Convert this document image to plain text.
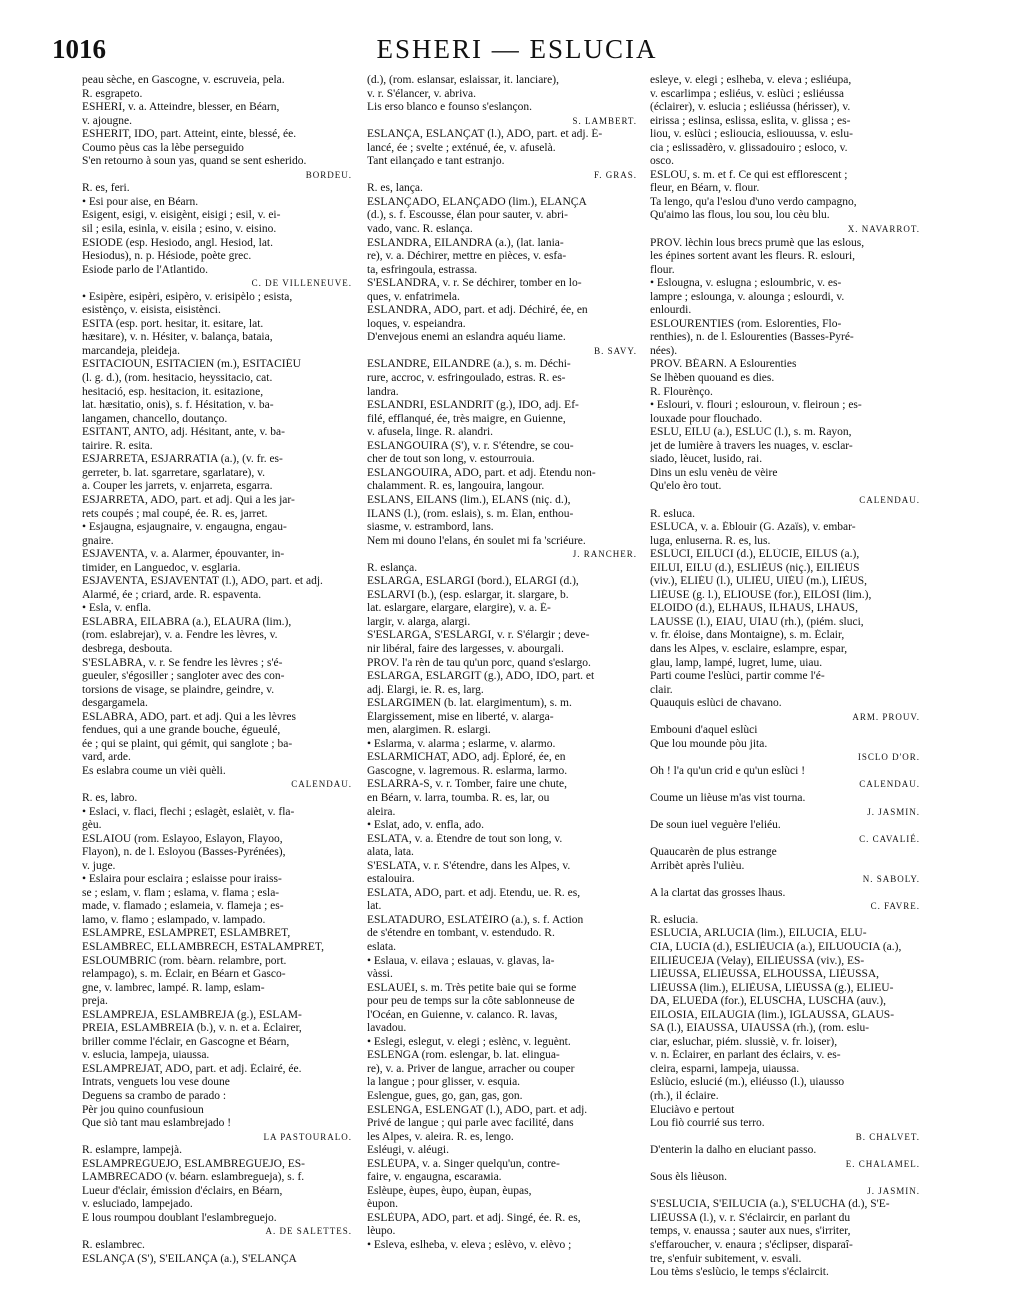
1016	ESHERI — ESLUCIA
peau sèche, en Gascogne, v. escruveia, pela.
R. esgrapeto.
ESHERI, v. a. Atteindre, blesser, en Béarn,
v. ajougne.
ESHERIT, IDO, part. Atteint, einte, blessé, ée.
Coumo pèus cas la lèbe perseguido
S'en retourno à soun yas, quand se sent esherido.
BORDEU.
R. es, feri.
• Esi pour aise, en Béarn.
Esigent, esigi, v. eisigènt, eisigi ; esil, v. ei-
sil ; esila, esinla, v. eisila ; esino, v. eisino.
ESIODE (esp. Hesiodo, angl. Hesiod, lat.
Hesiodus), n. p. Hésiode, poète grec.
Esiode parlo de l'Atlantido.
C. DE VILLENEUVE.
• Esipère, esipèri, esipèro, v. erisipèlo ; esista,
esistènço, v. eisista, eisistènci.
ESITA (esp. port. hesitar, it. esitare, lat.
hæsitare), v. n. Hésiter, v. balança, bataia,
marcandeja, pleideja.
ESITACIOUN, ESITACIEN (m.), ESITACIÉU
(l. g. d.), (rom. hesitacio, heyssitacio, cat.
hesitació, esp. hesitacion, it. esitazione,
lat. hæsitatio, onis), s. f. Hésitation, v. ba-
langamen, chancello, doutanço.
ESITANT, ANTO, adj. Hésitant, ante, v. ba-
tairire. R. esita.
ESJARRETA, ESJARRATIA (a.), (v. fr. es-
gerreter, b. lat. sgarretare, sgarlatare), v.
a. Couper les jarrets, v. enjarreta, esgarra.
ESJARRETA, ADO, part. et adj. Qui a les jar-
rets coupés ; mal coupé, ée. R. es, jarret.
• Esjaugna, esjaugnaire, v. engaugna, engau-
gnaire.
ESJAVENTA, v. a. Alarmer, épouvanter, in-
timider, en Languedoc, v. esglaria.
ESJAVENTA, ESJAVENTAT (l.), ADO, part. et adj.
Alarmé, ée ; criard, arde. R. espaventa.
• Esla, v. enfla.
ESLABRA, EILABRA (a.), ELAURA (lim.),
(rom. eslabrejar), v. a. Fendre les lèvres, v.
desbrega, desbouta.
S'ESLABRA, v. r. Se fendre les lèvres ; s'é-
gueuler, s'égosiller ; sangloter avec des con-
torsions de visage, se plaindre, geindre, v.
desgargamela.
ESLABRA, ADO, part. et adj. Qui a les lèvres
fendues, qui a une grande bouche, égueulé,
ée ; qui se plaint, qui gémit, qui sanglote ; ba-
vard, arde.
Es eslabra coume un vièi quèli.
CALENDAU.
R. es, labro.
• Eslaci, v. flaci, flechi ; eslagèt, eslaièt, v. fla-
gèu.
ESLAIOU (rom. Eslayoo, Eslayon, Flayoo,
Flayon), n. de l. Esloyou (Basses-Pyrénées),
v. juge.
• Eslaira pour esclaira ; eslaisse pour iraiss-
se ; eslam, v. flam ; eslama, v. flama ; esla-
made, v. flamado ; eslameia, v. flameja ; es-
lamo, v. flamo ; eslampado, v. lampado.
ESLAMPRE, ESLAMPRET, ESLAMBRET,
ESLAMBREC, ELLAMBRECH, ESTALAMPRET,
ESLOUMBRIC (rom. bèarn. relambre, port.
relampago), s. m. Éclair, en Béarn et Gasco-
gne, v. lambrec, lampé. R. lamp, eslam-
preja.
ESLAMPREJA, ESLAMBREJA (g.), ESLAM-
PREIA, ESLAMBREIA (b.), v. n. et a. Éclairer,
briller comme l'éclair, en Gascogne et Béarn,
v. esluciа, lampeja, uiaussa.
ESLAMPREJAT, ADO, part. et adj. Éclairé, ée.
Intrats, venguets lou vese doune
Deguens sa crambo de parado :
Pèr jou quino counfusioun
Que siò tant mau eslambrejado !
LA PASTOURALO.
R. eslampre, lampejà.
ESLAMPREGUEJO, ESLAMBREGUEJO, ES-
LAMBRECADO (v. béarn. eslambregueja), s. f.
Lueur d'éclair, émission d'éclairs, en Béarn,
v. esluciado, lampejado.
E lous roumpou doublant l'eslambreguejo.
A. DE SALETTES.
R. eslambrec.
ESLANÇA (S'), S'EILANÇA (a.), S'ELANÇA
(d.), (rom. eslansar, eslaissar, it. lanciare),
v. r. S'élancer, v. abriva.
Lis erso blanco e founso s'eslançon.
S. LAMBERT.
ESLANÇA, ESLANÇAT (l.), ADO, part. et adj. É-
lancé, ée ; svelte ; exténué, ée, v. afuselà.
Tant eilançado e tant estranjo.
F. GRAS.
R. es, lança.
ESLANÇADO, ELANÇADO (lim.), ELANÇA
(d.), s. f. Escousse, élan pour sauter, v. abri-
vado, vanc. R. eslança.
ESLANDRA, EILANDRA (a.), (lat. lania-
re), v. a. Déchirer, mettre en pièces, v. esfa-
ta, esfringoula, estrassa.
S'ESLANDRA, v. r. Se déchirer, tomber en lo-
ques, v. enfatrimela.
ESLANDRA, ADO, part. et adj. Déchiré, ée, en
loques, v. espeiandra.
D'envejous enemi an eslandra aquéu liame.
B. SAVY.
ESLANDRE, EILANDRE (a.), s. m. Déchi-
rure, accroc, v. esfringouladо, estras. R. es-
landra.
ESLANDRI, ESLANDRIT (g.), IDO, adj. Ef-
filé, efflanqué, ée, très maigre, en Guienne,
v. afusela, linge. R. alandri.
ESLANGOUIRA (S'), v. r. S'étendre, se cou-
cher de tout son long, v. estourrouia.
ESLANGOUIRA, ADO, part. et adj. Étendu non-
chalamment. R. es, langouira, langour.
ESLANS, EILANS (lim.), ELANS (niç. d.),
ILANS (l.), (rom. eslais), s. m. Élan, enthou-
siasme, v. estrambord, lans.
Nem mi douno l'elans, én soulet mi fa 'scriéure.
J. RANCHER.
R. eslança.
ESLARGA, ESLARGI (bord.), ELARGI (d.),
ESLARVI (b.), (esp. eslargar, it. slargare, b.
lat. eslargare, elargare, elargire), v. a. É-
largir, v. alarga, alargi.
S'ESLARGA, S'ESLARGI, v. r. S'élargir ; deve-
nir libéral, faire des largesses, v. abourgali.
PROV. l'a rèn de tau qu'un porc, quand s'eslargo.
ESLARGA, ESLARGIT (g.), ADO, IDO, part. et
adj. Élargi, ie. R. es, larg.
ESLARGIMEN (b. lat. elargimentum), s. m.
Élargissement, mise en liberté, v. alarga-
men, alargimen. R. eslargi.
• Eslarma, v. alarma ; eslarme, v. alarmo.
ESLARMICHAT, ADO, adj. Éploré, ée, en
Gascogne, v. lagremous. R. eslarma, larmo.
ESLARRA-S, v. r. Tomber, faire une chute,
en Béarn, v. larra, toumba. R. es, lar, ou
aleira.
• Eslat, ado, v. enfla, ado.
ESLATA, v. a. Étendre de tout son long, v.
alata, lata.
S'ESLATA, v. r. S'étendre, dans les Alpes, v.
estalouira.
ESLATA, ADO, part. et adj. Etendu, ue. R. es,
lat.
ESLATADURO, ESLATÈIRO (a.), s. f. Action
de s'étendre en tombant, v. estendudo. R.
eslata.
• Eslaua, v. eilava ; eslauas, v. glavas, la-
vàssi.
ESLAUÈI, s. m. Très petite baie qui se forme
pour peu de temps sur la côte sablonneuse de
l'Océan, en Guienne, v. calanco. R. lavas,
lavadou.
• Eslegi, eslegut, v. elegi ; eslènc, v. leguènt.
ESLENGA (rom. eslengar, b. lat. elingua-
re), v. a. Priver de langue, arracher ou couper
la langue ; pour glisser, v. esquia.
Eslengue, gues, go, gan, gas, gon.
ESLENGA, ESLENGAT (l.), ADO, part. et adj.
Privé de langue ; qui parle avec facilité, dans
les Alpes, v. aleira. R. es, lengo.
Esléugi, v. aléugi.
ESLÈUPA, v. a. Singer quelqu'un, contre-
faire, v. engaugna, escarамia.
Eslèupe, èupes, èupo, èupan, èupas,
èupon.
ESLÈUPA, ADO, part. et adj. Singé, ée. R. es,
lèupo.
• Esleva, eslheba, v. eleva ; eslèvo, v. elèvo ;
esleye, v. elegi ; eslheba, v. eleva ; esliéupa,
v. escarlimpa ; esliéus, v. eslùci ; esliéussa
(éclairer), v. esluciа ; esliéussa (hérisser), v.
eirissa ; eslinsa, eslissa, eslita, v. glissa ; es-
liou, v. eslùci ; esliouciа, esliouussa, v. eslu-
cia ; eslissadèro, v. glissadouiro ; esloco, v.
osco.
ESLOU, s. m. et f. Ce qui est efflorescent ;
fleur, en Béarn, v. flour.
Ta lengo, qu'a l'eslou d'uno verdo campagno,
Qu'aimo las flous, lou sou, lou cèu blu.
X. NAVARROT.
PROV. lèchin lous brecs prumè que las eslous,
les épines sortent avant les fleurs. R. eslouri,
flour.
• Eslougna, v. eslugna ; esloumbric, v. es-
lampre ; eslounga, v. alounga ; eslourdi, v.
enlourdi.
ESLOURENTIES (rom. Eslorenties, Flo-
renthies), n. de l. Eslourenties (Basses-Pyré-
nées).
PROV. BÉARN. A Eslourenties
Se lhèben quouand es dies.
R. Flourènço.
• Eslouri, v. flouri ; eslouroun, v. fleiroun ; es-
louxade pour flouchado.
ESLU, EILU (a.), ESLUC (l.), s. m. Rayon,
jet de lumière à travers les nuages, v. esclar-
siado, lèucet, lusido, rai.
Dins un eslu venèu de vèire
Qu'elo èro tout.
CALENDAU.
R. esluca.
ESLUCA, v. a. Éblouir (G. Azaïs), v. embar-
luga, enluserna. R. es, lus.
ESLÙCI, EILÙCI (d.), ELÙCIE, EILUS (a.),
EILUI, EILU (d.), ESLIÈUS (niç.), EILIÈUS
(viv.), ELIÉU (l.), ULIÉU, UIÉU (m.), LIÈUS,
LIÉUSE (g. l.), ELIOUSE (for.), EILÒSI (lim.),
ELOIDO (d.), ELHAUS, ILHAUS, LHAUS,
LAUSSE (l.), EIAU, UIAU (rh.), (piém. sluci,
v. fr. éloise, dans Montaigne), s. m. Éclair,
dans les Alpes, v. esclaire, eslampre, espar,
glau, lamp, lampé, lugret, lume, uiau.
Parti coume l'eslùci, partir comme l'é-
clair.
Quauquis eslùci de chavano.
ARM. PROUV.
Embouni d'aquel eslùci
Que lou mounde pòu jita.
ISCLO D'OR.
Oh ! l'a qu'un crid e qu'un eslùci !
CALENDAU.
Coume un lièuse m'as vist tourna.
J. JASMIN.
De soun iuel veguère l'eliéu.
C. CAVALIÉ.
Quaucarèn de plus estrange
Arribèt après l'ulièu.
N. SABOLY.
A la clartat das grosses lhaus.
C. FAVRE.
R. esluciа.
ESLUCIA, ARLUCIA (lim.), EILUCIA, ELU-
CIA, LUCIA (d.), ESLIÈUCIA (a.), EILUOUCIA (a.),
EILIÈUCEJA (Velay), EILIÈUSSA (viv.), ES-
LIÈUSSA, ELIÈUSSA, ELHOUSSA, LIÈUSSA,
LIÉUSSA (lim.), ELIÈUSA, LIÈUSSA (g.), ELIEU-
DA, ELUEDA (for.), ELUSCHA, LUSCHA (auv.),
EILOSIA, EILAUGIA (lim.), IGLAUSSA, GLAUS-
SA (l.), EIAUSSA, UIAUSSA (rh.), (rom. eslu-
ciar, esluchar, piém. slussiè, v. fr. loiser),
v. n. Éclairer, en parlant des éclairs, v. es-
cleira, esparni, lampeja, uiaussa.
Eslùcio, eslucié (m.), eliéusso (l.), uiausso
(rh.), il éclaire.
Eluciàvo e pertout
Lou fiò courrié sus terro.
B. CHALVET.
D'enterin la dalho en eluciant passo.
E. CHALAMEL.
Sous èls lièuson.
J. JASMIN.
S'ESLUCIA, S'EILUCIA (a.), S'ELUCHA (d.), S'E-
LIÈUSSA (l.), v. r. S'éclaircir, en parlant du
temps, v. enaussa ; sauter aux nues, s'irriter,
s'effaroucher, v. enaura ; s'éclipser, disparaî-
tre, s'enfuir subitement, v. esvali.
Lou tèms s'eslùcio, le temps s'éclaircit.
